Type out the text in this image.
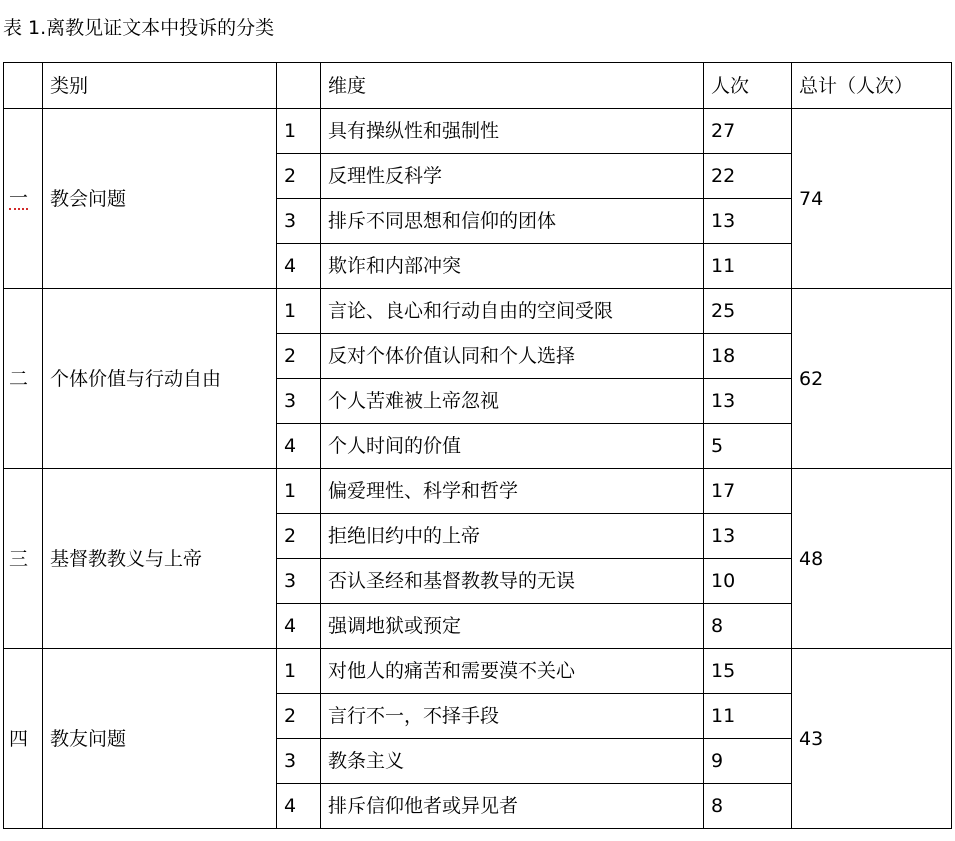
表 1.离教见证文本中投诉的分类
	类别		维度	人次	总计（人次）
一	教会问题	1	具有操纵性和强制性	27	74
		2	反理性反科学	22	
		3	排斥不同思想和信仰的团体	13	
		4	欺诈和内部冲突	11	
二	个体价值与行动自由	1	言论、良心和行动自由的空间受限	25	62
		2	反对个体价值认同和个人选择	18	
		3	个人苦难被上帝忽视	13	
		4	个人时间的价值	5	
三	基督教教义与上帝	1	偏爱理性、科学和哲学	17	48
		2	拒绝旧约中的上帝	13	
		3	否认圣经和基督教教导的无误	10	
		4	强调地狱或预定	8	
四	教友问题	1	对他人的痛苦和需要漠不关心	15	43
		2	言行不一，不择手段	11	
		3	教条主义	9	
		4	排斥信仰他者或异见者	8	
